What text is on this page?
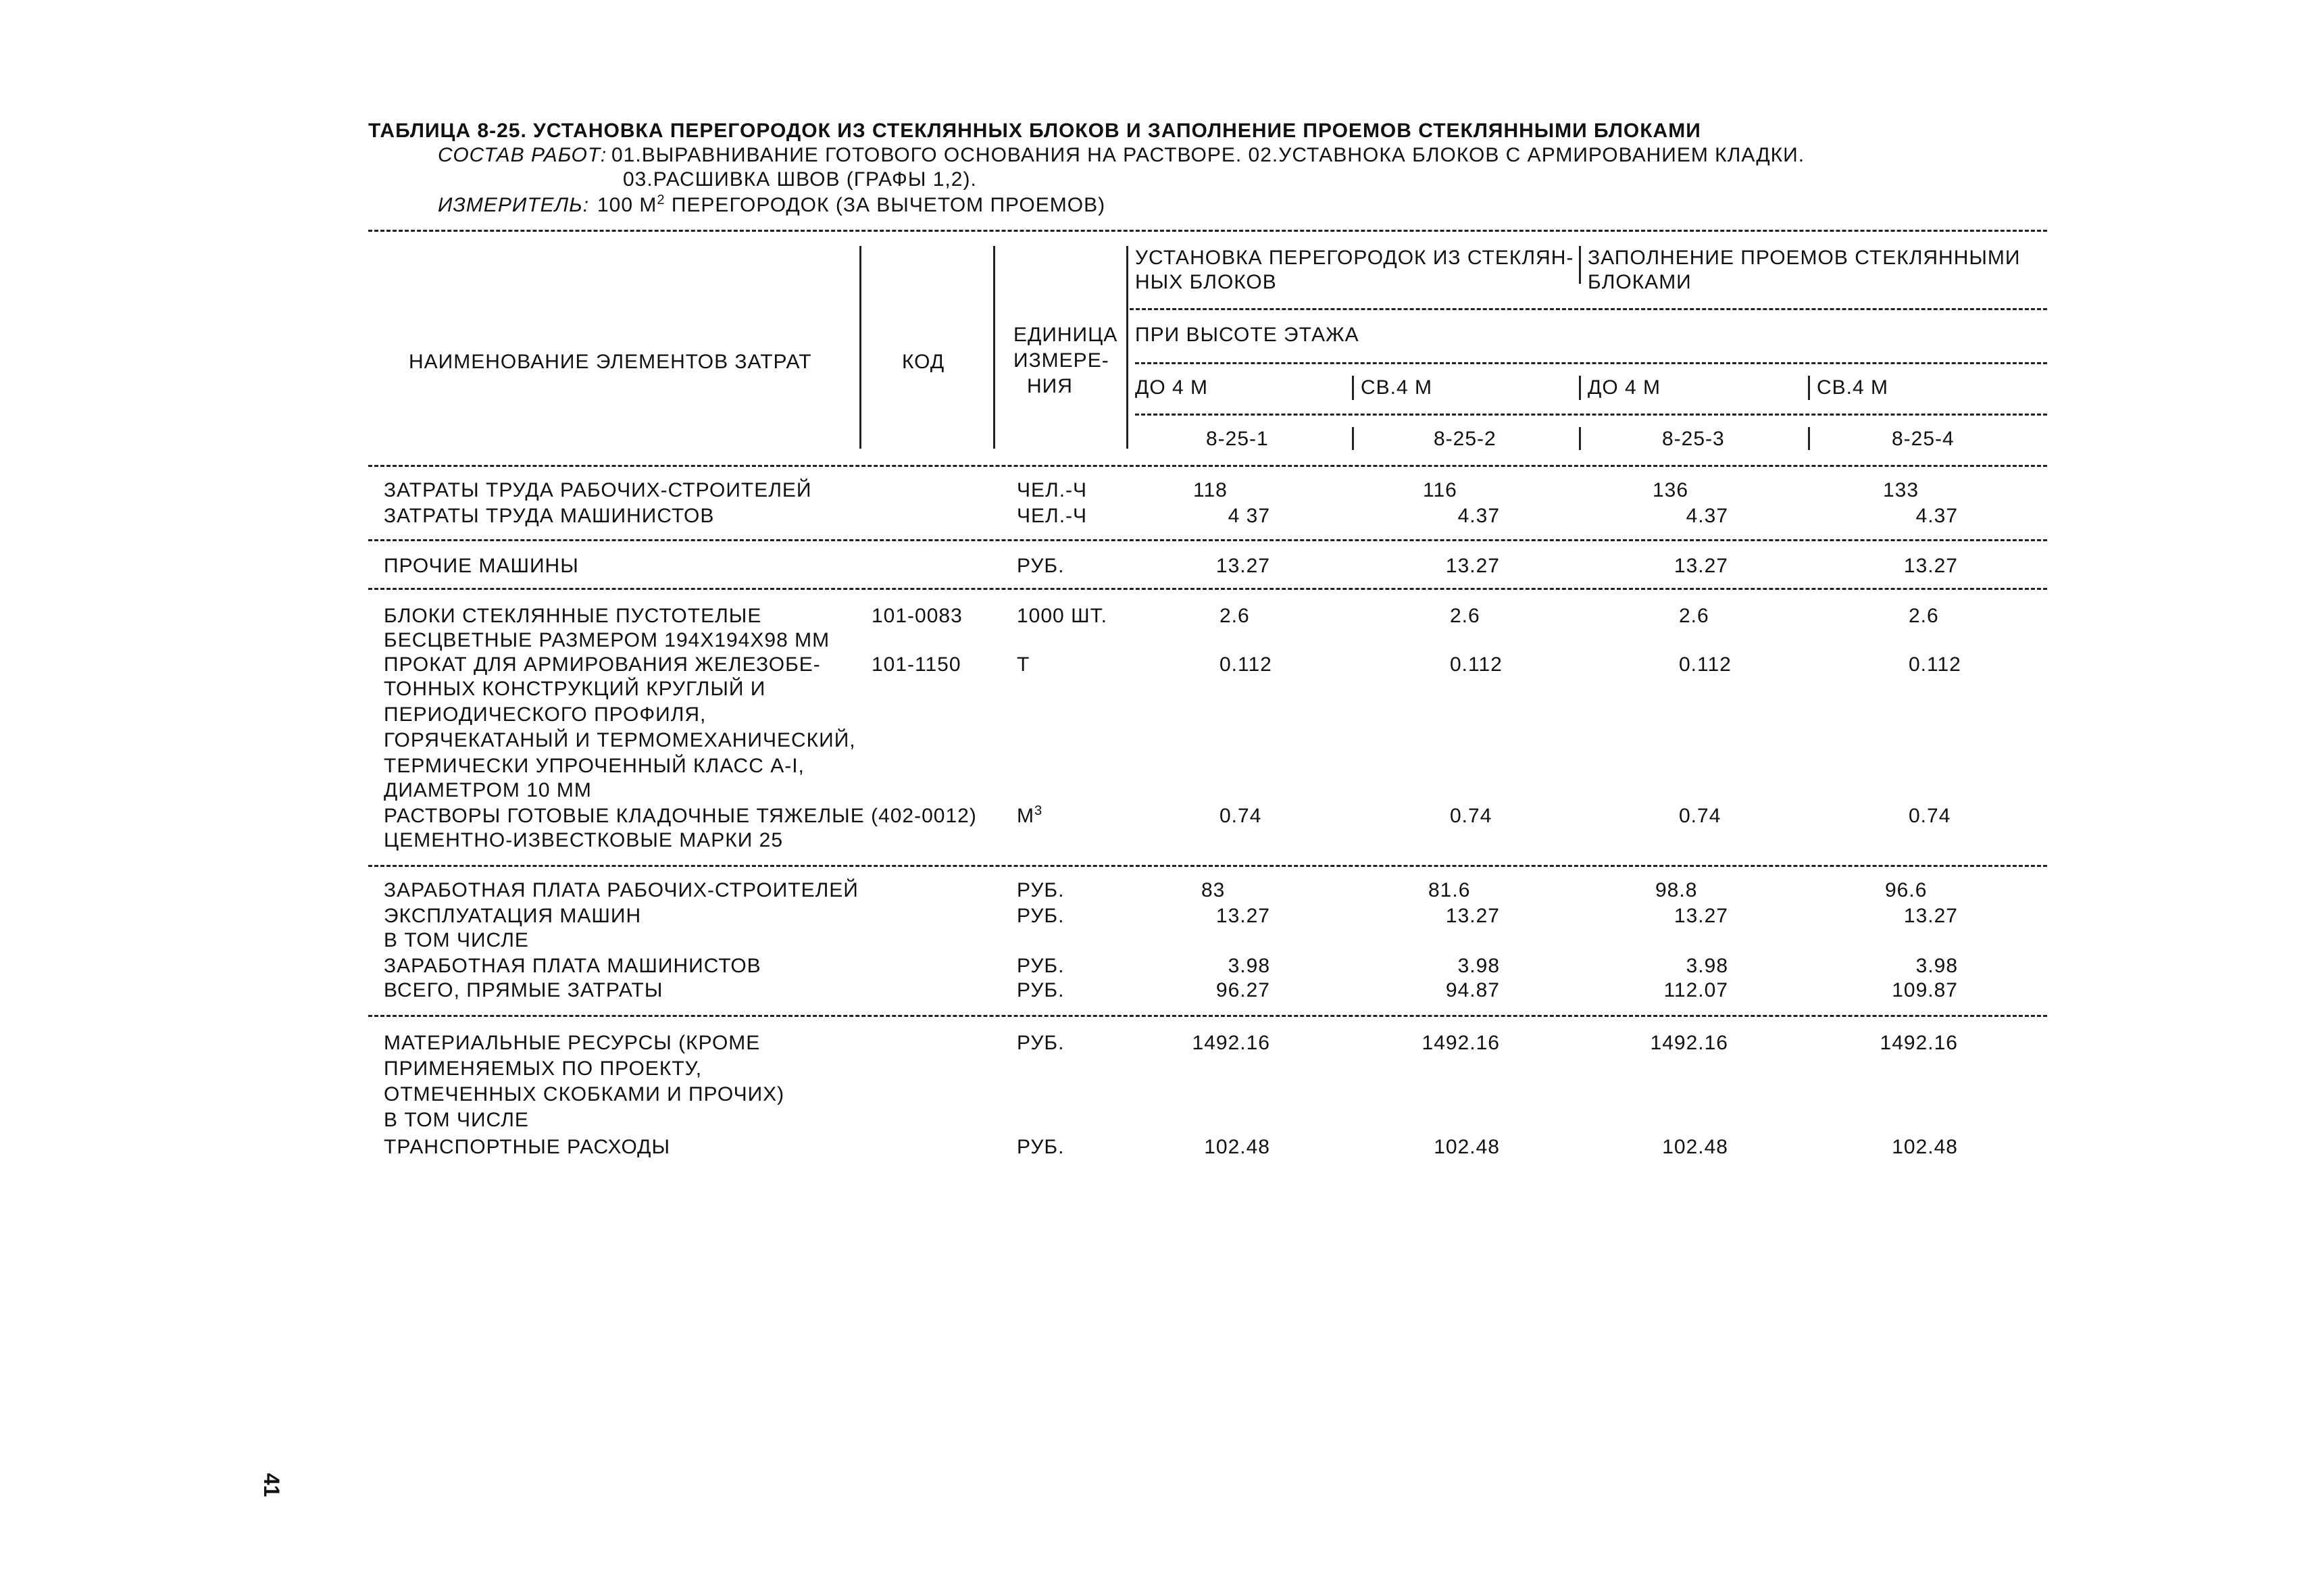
ТАБЛИЦА 8-25. УСТАНОВКА ПЕРЕГОРОДОК ИЗ СТЕКЛЯННЫХ БЛОКОВ И ЗАПОЛНЕНИЕ ПРОЕМОВ СТЕКЛЯННЫМИ БЛОКАМИ
СОСТАВ РАБОТ: 01.ВЫРАВНИВАНИЕ ГОТОВОГО ОСНОВАНИЯ НА РАСТВОРЕ. 02.УСТАВНОКА БЛОКОВ С АРМИРОВАНИЕМ КЛАДКИ.
03.РАСШИВКА ШВОВ (ГРАФЫ 1,2).
ИЗМЕРИТЕЛЬ: 100 $М^2$ ПЕРЕГОРОДОК (ЗА ВЫЧЕТОМ ПРОЕМОВ)
УСТАНОВКА ПЕРЕГОРОДОК ИЗ СТЕКЛЯН-
НЫХ БЛОКОВ
ЗАПОЛНЕНИЕ ПРОЕМОВ СТЕКЛЯННЫМИ
БЛОКАМИ
ЕДИНИЦА
ИЗМЕРЕ-
НИЯ
ПРИ ВЫСОТЕ ЭТАЖА
НАИМЕНОВАНИЕ ЭЛЕМЕНТОВ ЗАТРАТ	КОД
ДО 4 М	СВ.4 М	ДО 4 М	СВ.4 М
8-25-1	8-25-2	8-25-3	8-25-4
ЗАТРАТЫ ТРУДА РАБОЧИХ-СТРОИТЕЛЕЙ	ЧЕЛ.-Ч	118	116	136	133
ЗАТРАТЫ ТРУДА МАШИНИСТОВ	ЧЕЛ.-Ч	4 37	4.37	4.37	4.37
ПРОЧИЕ МАШИНЫ	РУБ.	13.27	13.27	13.27	13.27
БЛОКИ СТЕКЛЯННЫЕ ПУСТОТЕЛЫЕ
БЕСЦВЕТНЫЕ РАЗМЕРОМ 194Х194Х98 ММ
101-0083	1000 ШТ.	2.6	2.6	2.6	2.6
ПРОКАТ ДЛЯ АРМИРОВАНИЯ ЖЕЛЕЗОБЕ-
ТОННЫХ КОНСТРУКЦИЙ КРУГЛЫЙ И
ПЕРИОДИЧЕСКОГО ПРОФИЛЯ,
ГОРЯЧЕКАТАНЫЙ И ТЕРМОМЕХАНИЧЕСКИЙ,
ТЕРМИЧЕСКИ УПРОЧЕННЫЙ КЛАСС А-I,
ДИАМЕТРОМ 10 ММ
101-1150	Т	0.112	0.112	0.112	0.112
РАСТВОРЫ ГОТОВЫЕ КЛАДОЧНЫЕ ТЯЖЕЛЫЕ (402-0012)
ЦЕМЕНТНО-ИЗВЕСТКОВЫЕ МАРКИ 25
$М^3$	0.74	0.74	0.74	0.74
ЗАРАБОТНАЯ ПЛАТА РАБОЧИХ-СТРОИТЕЛЕЙ	РУБ.	83	81.6	98.8	96.6
ЭКСПЛУАТАЦИЯ МАШИН	РУБ.	13.27	13.27	13.27	13.27
В ТОМ ЧИСЛЕ
ЗАРАБОТНАЯ ПЛАТА МАШИНИСТОВ	РУБ.	3.98	3.98	3.98	3.98
ВСЕГО, ПРЯМЫЕ ЗАТРАТЫ	РУБ.	96.27	94.87	112.07	109.87
МАТЕРИАЛЬНЫЕ РЕСУРСЫ (КРОМЕ
ПРИМЕНЯЕМЫХ ПО ПРОЕКТУ,
ОТМЕЧЕННЫХ СКОБКАМИ И ПРОЧИХ)
В ТОМ ЧИСЛЕ
РУБ.	1492.16	1492.16	1492.16	1492.16
ТРАНСПОРТНЫЕ РАСХОДЫ	РУБ.	102.48	102.48	102.48	102.48
41
